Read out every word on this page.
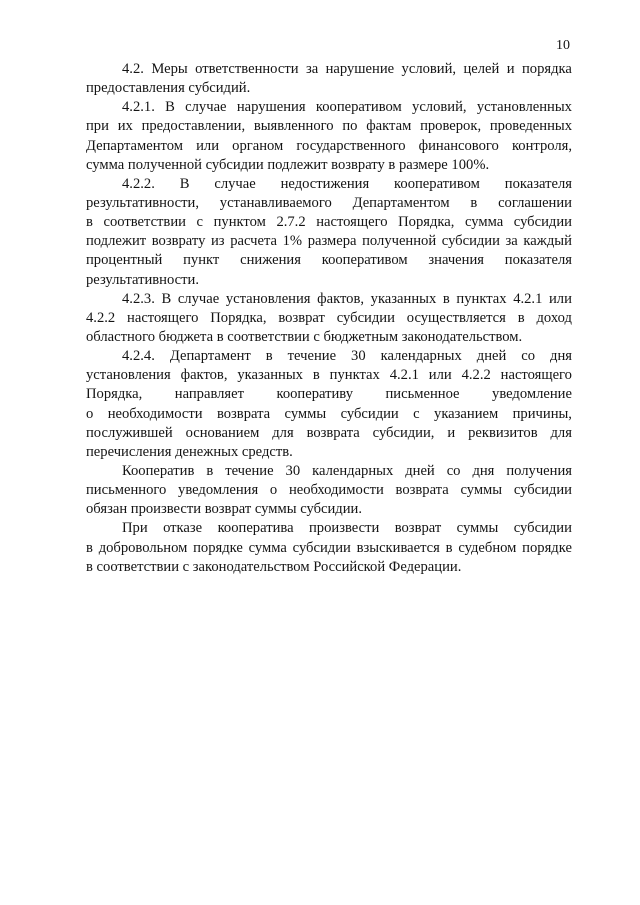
10
4.2. Меры ответственности за нарушение условий, целей и порядка
предоставления субсидий.
4.2.1. В случае нарушения кооперативом условий, установленных
при их предоставлении, выявленного по фактам проверок, проведенных
Департаментом или органом государственного финансового контроля,
сумма полученной субсидии подлежит возврату в размере 100%.
4.2.2. В случае недостижения кооперативом показателя
результативности, устанавливаемого Департаментом в соглашении
в соответствии с пунктом 2.7.2 настоящего Порядка, сумма субсидии
подлежит возврату из расчета 1% размера полученной субсидии за каждый
процентный пункт снижения кооперативом значения показателя
результативности.
4.2.3. В случае установления фактов, указанных в пунктах 4.2.1 или
4.2.2 настоящего Порядка, возврат субсидии осуществляется в доход
областного бюджета в соответствии с бюджетным законодательством.
4.2.4. Департамент в течение 30 календарных дней со дня
установления фактов, указанных в пунктах 4.2.1 или 4.2.2 настоящего
Порядка, направляет кооперативу письменное уведомление
о необходимости возврата суммы субсидии с указанием причины,
послужившей основанием для возврата субсидии, и реквизитов для
перечисления денежных средств.
Кооператив в течение 30 календарных дней со дня получения
письменного уведомления о необходимости возврата суммы субсидии
обязан произвести возврат суммы субсидии.
При отказе кооператива произвести возврат суммы субсидии
в добровольном порядке сумма субсидии взыскивается в судебном порядке
в соответствии с законодательством Российской Федерации.
